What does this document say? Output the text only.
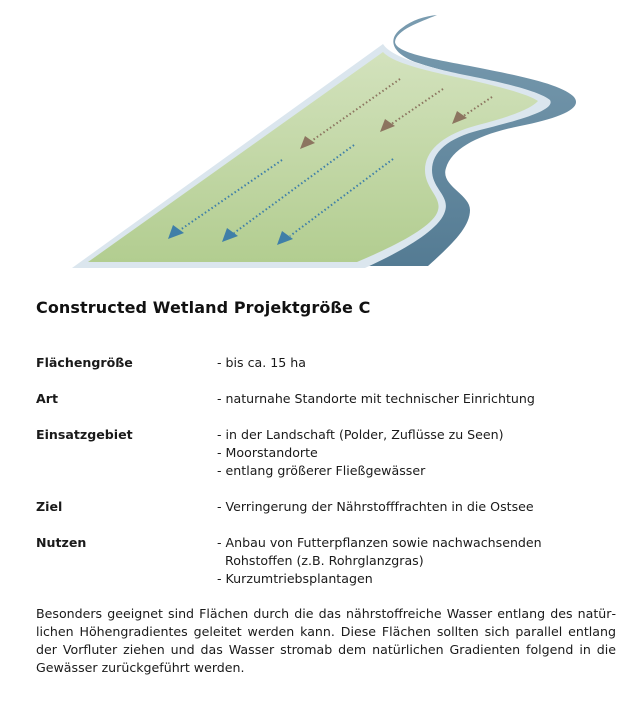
Constructed Wetland Projektgröße C
Flächengröße	- bis ca. 15 ha
Art	- naturnahe Standorte mit technischer Einrichtung
Einsatzgebiet	- in der Landschaft (Polder, Zuflüsse zu Seen)
- Moorstandorte
- entlang größerer Fließgewässer
Ziel	- Verringerung der Nährstofffrachten in die Ostsee
Nutzen	- Anbau von Futterpflanzen sowie nachwachsenden
Rohstoffen (z.B. Rohrglanzgras)
- Kurzumtriebsplantagen

Besonders geeignet sind Flächen durch die das nährstoffreiche Wasser entlang des natürlichen Höhengradientes geleitet werden kann. Diese Flächen sollten sich parallel entlang der Vorfluter ziehen und das Wasser stromab dem natürlichen Gradienten folgend in die Gewässer zurückgeführt werden.
